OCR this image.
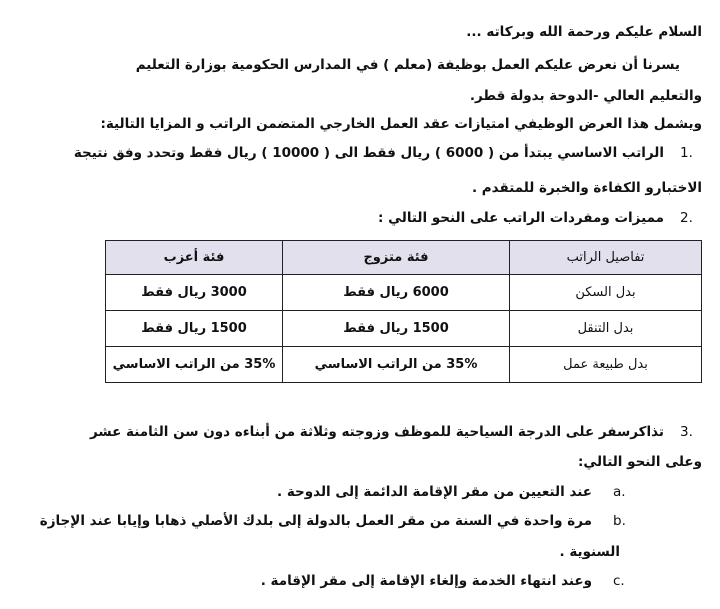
السلام عليكم ورحمة الله وبركاته ...
يسرنا أن نعرض عليكم العمل بوظيفة (معلم ) في المدارس الحكومية بوزارة التعليم
والتعليم العالي -الدوحة بدولة قطر.
ويشمل هذا العرض الوظيفي امتيازات عقد العمل الخارجي المتضمن الراتب و المزايا التالية:
1.
الراتب الاساسي يبتدأ من ( 6000 ) ريال فقط الى ( 10000 ) ريال فقط وتحدد وفق نتيجة
الاختبارو الكفاءة والخبرة للمتقدم .
2.
مميزات ومفردات الراتب على النحو التالي :
تفاصيل الراتب	فئة متزوج	فئة أعزب
بدل السكن	6000 ريال فقط	3000 ريال فقط
بدل التنقل	1500 ريال فقط	1500 ريال فقط
بدل طبيعة عمل	35% من الراتب الاساسي	35% من الراتب الاساسي
3.
تذاكرسفر على الدرجة السياحية للموظف وزوجته وثلاثة من أبناءه دون سن الثامنة عشر
وعلى النحو التالي:
a.
عند التعيين من مقر الإقامة الدائمة إلى الدوحة .
b.
مرة واحدة في السنة من مقر العمل بالدولة إلى بلدك الأصلي ذهابا وإيابا عند الإجازة
السنوية .
c.
وعند انتهاء الخدمة وإلغاء الإقامة إلى مقر الإقامة .
